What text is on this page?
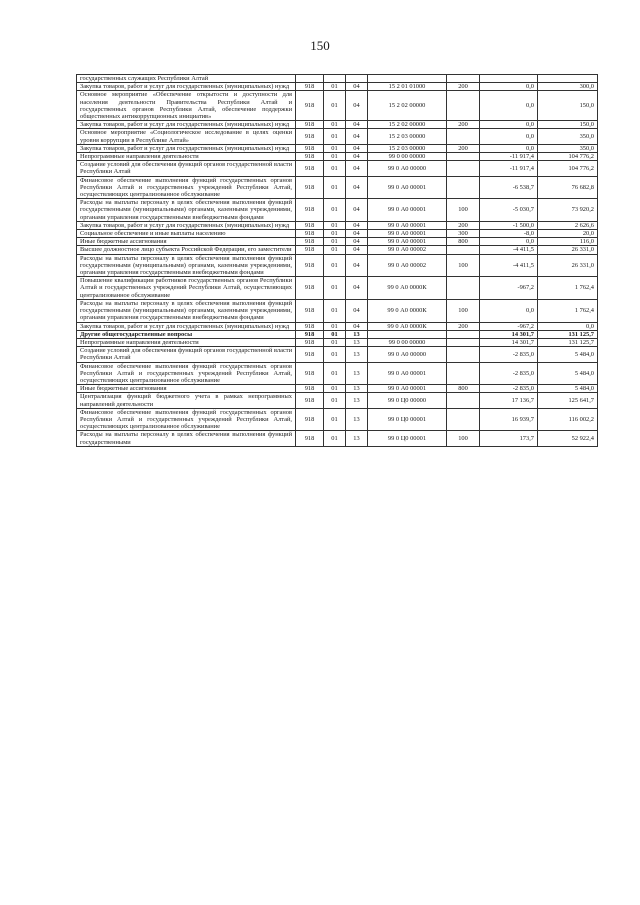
150
государственных служащих Республики Алтай							
Закупка товаров, работ и услуг для государственных (муниципальных) нужд	918	01	04	15 2 01 01000	200	0,0	300,0
Основное мероприятие «Обеспечение открытости и доступности для населения деятельности Правительства Республики Алтай и государственных органов Республики Алтай, обеспечение поддержки общественных антикоррупционных инициатив»	918	01	04	15 2 02 00000		0,0	150,0
Закупка товаров, работ и услуг для государственных (муниципальных) нужд	918	01	04	15 2 02 00000	200	0,0	150,0
Основное мероприятие «Социологическое исследование в целях оценки уровня коррупции в Республике Алтай»	918	01	04	15 2 03 00000		0,0	350,0
Закупка товаров, работ и услуг для государственных (муниципальных) нужд	918	01	04	15 2 03 00000	200	0,0	350,0
Непрограммные направления деятельности	918	01	04	99 0 00 00000		-11 917,4	104 776,2
Создание условий для обеспечения функций органов государственной власти Республики Алтай	918	01	04	99 0 А0 00000		-11 917,4	104 776,2
Финансовое обеспечение выполнения функций государственных органов Республики Алтай и государственных учреждений Республики Алтай, осуществляющих централизованное обслуживание	918	01	04	99 0 А0 00001		-6 538,7	76 682,8
Расходы на выплаты персоналу в целях обеспечения выполнения функций государственными (муниципальными) органами, казенными учреждениями, органами управления государственными внебюджетными фондами	918	01	04	99 0 А0 00001	100	-5 030,7	73 920,2
Закупка товаров, работ и услуг для государственных (муниципальных) нужд	918	01	04	99 0 А0 00001	200	-1 500,0	2 626,6
Социальное обеспечение и иные выплаты населению	918	01	04	99 0 А0 00001	300	-8,0	20,0
Иные бюджетные ассигнования	918	01	04	99 0 А0 00001	800	0,0	116,0
Высшее должностное лицо субъекта Российской Федерации, его заместители	918	01	04	99 0 А0 00002		-4 411,5	26 331,0
Расходы на выплаты персоналу в целях обеспечения выполнения функций государственными (муниципальными) органами, казенными учреждениями, органами управления государственными внебюджетными фондами	918	01	04	99 0 А0 00002	100	-4 411,5	26 331,0
Повышение квалификации работников государственных органов Республики Алтай и государственных учреждений Республики Алтай, осуществляющих централизованное обслуживание	918	01	04	99 0 А0 0000К		-967,2	1 762,4
Расходы на выплаты персоналу в целях обеспечения выполнения функций государственными (муниципальными) органами, казенными учреждениями, органами управления государственными внебюджетными фондами	918	01	04	99 0 А0 0000К	100	0,0	1 762,4
Закупка товаров, работ и услуг для государственных (муниципальных) нужд	918	01	04	99 0 А0 0000К	200	-967,2	0,0
Другие общегосударственные вопросы	918	01	13			14 301,7	131 125,7
Непрограммные направления деятельности	918	01	13	99 0 00 00000		14 301,7	131 125,7
Создание условий для обеспечения функций органов государственной власти Республики Алтай	918	01	13	99 0 А0 00000		-2 835,0	5 484,0
Финансовое обеспечение выполнения функций государственных органов Республики Алтай и государственных учреждений Республики Алтай, осуществляющих централизованное обслуживание	918	01	13	99 0 А0 00001		-2 835,0	5 484,0
Иные бюджетные ассигнования	918	01	13	99 0 А0 00001	800	-2 835,0	5 484,0
Централизация функций бюджетного учета в рамках непрограммных направлений деятельности	918	01	13	99 0 Ц0 00000		17 136,7	125 641,7
Финансовое обеспечение выполнения функций государственных органов Республики Алтай и государственных учреждений Республики Алтай, осуществляющих централизованное обслуживание	918	01	13	99 0 Ц0 00001		16 939,7	116 002,2
Расходы на выплаты персоналу в целях обеспечения выполнения функций государственными	918	01	13	99 0 Ц0 00001	100	173,7	52 922,4
